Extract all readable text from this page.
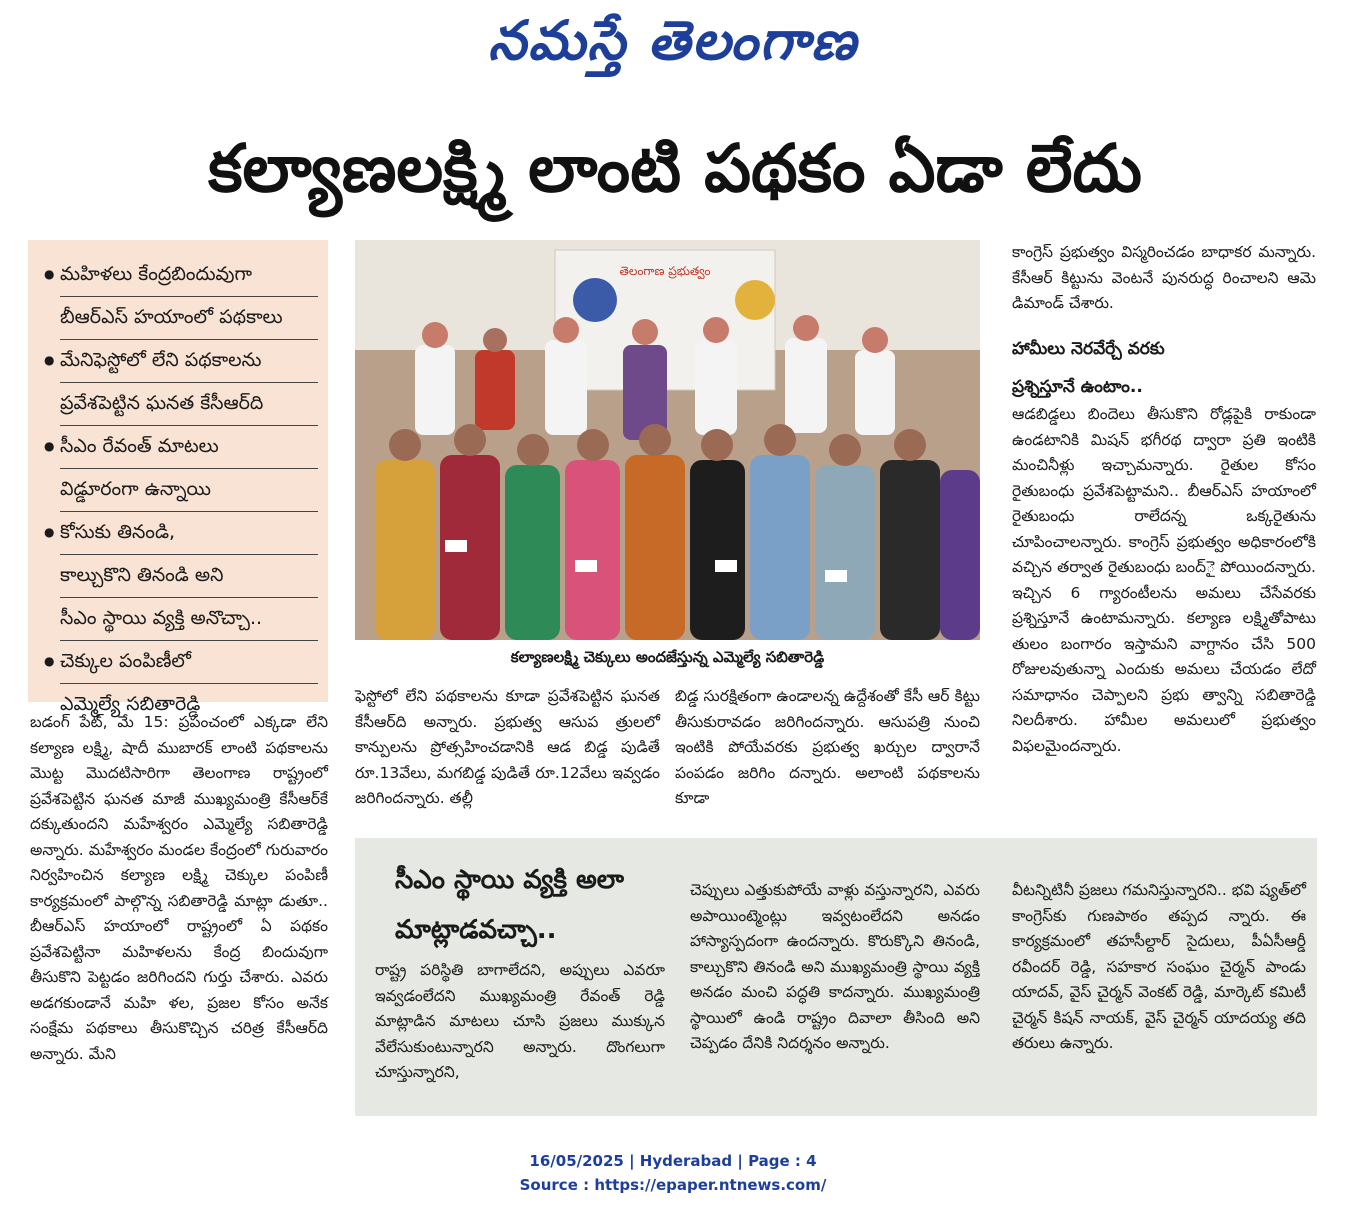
నమస్తే తెలంగాణ
కల్యాణలక్ష్మి లాంటి పథకం ఏడా లేదు
● మహిళలు కేంద్రబిందువుగా
బీఆర్ఎస్ హయాంలో పథకాలు
● మేనిఫెస్టోలో లేని పథకాలను
ప్రవేశపెట్టిన ఘనత కేసీఆర్‌ది
● సీఎం రేవంత్ మాటలు
విడ్డూరంగా ఉన్నాయి
● కోసుకు తినండి,
కాల్చుకొని తినండి అని
సీఎం స్థాయి వ్యక్తి అనొచ్చా..
● చెక్కుల పంపిణీలో
ఎమ్మెల్యే సబితారెడ్డి
తెలంగాణ ప్రభుత్వం
కల్యాణలక్ష్మి చెక్కులు అందజేస్తున్న ఎమ్మెల్యే సబితారెడ్డి
బడంగ్ పేట్, మే 15: ప్రపంచంలో ఎక్కడా లేని కల్యాణ లక్ష్మి, షాదీ ముబారక్ లాంటి పథకాలను మొట్ట మొదటిసారిగా తెలంగాణ రాష్ట్రంలో ప్రవేశపెట్టిన ఘనత మాజీ ముఖ్యమంత్రి కేసీఆర్‌కే దక్కుతుందని మహేశ్వరం ఎమ్మెల్యే సబితారెడ్డి అన్నారు. మహేశ్వరం మండల కేంద్రంలో గురువారం నిర్వహించిన కల్యాణ లక్ష్మి చెక్కుల పంపిణీ కార్యక్రమంలో పాల్గొన్న సబితారెడ్డి మాట్లా డుతూ.. బీఆర్ఎస్ హయాంలో రాష్ట్రంలో ఏ పథకం ప్రవేశపెట్టినా మహిళలను కేంద్ర బిందువుగా తీసుకొని పెట్టడం జరిగిందని గుర్తు చేశారు. ఎవరు అడగకుండానే మహి ళల, ప్రజల కోసం అనేక సంక్షేమ పథకాలు తీసుకొచ్చిన చరిత్ర కేసీఆర్‌ది అన్నారు. మేని
ఫెస్టోలో లేని పథకాలను కూడా ప్రవేశపెట్టిన ఘనత కేసీఆర్‌ది అన్నారు. ప్రభుత్వ ఆసుప త్రులలో కాన్పులను ప్రోత్సహించడానికి ఆడ బిడ్డ పుడితే రూ.13వేలు, మగబిడ్డ పుడితే రూ.12వేలు ఇవ్వడం జరిగిందన్నారు. తల్లీ
బిడ్డ సురక్షితంగా ఉండాలన్న ఉద్దేశంతో కేసీ ఆర్ కిట్టు తీసుకురావడం జరిగిందన్నారు. ఆసుపత్రి నుంచి ఇంటికి పోయేవరకు ప్రభుత్వ ఖర్చుల ద్వారానే పంపడం జరిగిం దన్నారు. అలాంటి పథకాలను కూడా
కాంగ్రెస్ ప్రభుత్వం విస్మరించడం బాధాకర మన్నారు. కేసీఆర్ కిట్టును వెంటనే పునరుద్ధ రించాలని ఆమె డిమాండ్ చేశారు.
హామీలు నెరవేర్చే వరకు ప్రశ్నిస్తూనే ఉంటాం..
ఆడబిడ్డలు బిందెలు తీసుకొని రోడ్లపైకి రాకుండా ఉండటానికి మిషన్ భగీరథ ద్వారా ప్రతి ఇంటికి మంచినీళ్లు ఇచ్చామన్నారు. రైతుల కోసం రైతుబంధు ప్రవేశపెట్టామని.. బీఆర్ఎస్ హయాంలో రైతుబంధు రాలేదన్న ఒక్కరైతును చూపించాలన్నారు. కాంగ్రెస్ ప్రభుత్వం అధికారంలోకి వచ్చిన తర్వాత రైతుబంధు బంద్‌ై పోయిందన్నారు. ఇచ్చిన 6 గ్యారంటీలను అమలు చేసేవరకు ప్రశ్నిస్తూనే ఉంటామన్నారు. కల్యాణ లక్ష్మితోపాటు తులం బంగారం ఇస్తామని వాగ్దానం చేసి 500 రోజులవుతున్నా ఎందుకు అమలు చేయడం లేదో సమాధానం చెప్పాలని ప్రభు త్వాన్ని సబితారెడ్డి నిలదీశారు. హామీల అమలులో ప్రభుత్వం విఫలమైందన్నారు.
సీఎం స్థాయి వ్యక్తి అలా మాట్లాడవచ్చా..
రాష్ట్ర పరిస్థితి బాగాలేదని, అప్పులు ఎవరూ ఇవ్వడంలేదని ముఖ్యమంత్రి రేవంత్ రెడ్డి మాట్లాడిన మాటలు చూసి ప్రజలు ముక్కున వేలేసుకుంటున్నారని అన్నారు. దొంగలుగా చూస్తున్నారని,
చెప్పులు ఎత్తుకుపోయే వాళ్లు వస్తున్నారని, ఎవరు అపాయింట్మెంట్లు ఇవ్వటంలేదని అనడం హాస్యాస్పదంగా ఉందన్నారు. కొరుక్కొని తినండి, కాల్చుకొని తినండి అని ముఖ్యమంత్రి స్థాయి వ్యక్తి అనడం మంచి పద్ధతి కాదన్నారు. ముఖ్యమంత్రి స్థాయిలో ఉండి రాష్ట్రం దివాలా తీసింది అని చెప్పడం దేనికి నిదర్శనం అన్నారు.
వీటన్నిటినీ ప్రజలు గమనిస్తున్నారని.. భవి ష్యత్‌లో కాంగ్రెస్‌కు గుణపాఠం తప్పద న్నారు. ఈ కార్యక్రమంలో తహసీల్దార్ సైదులు, పీఏసీఆర్డీ రవీందర్ రెడ్డి, సహకార సంఘం చైర్మన్ పాండు యాదవ్, వైస్ చైర్మన్ వెంకట్ రెడ్డి, మార్కెట్ కమిటీ చైర్మన్ కిషన్ నాయక్, వైస్ చైర్మన్ యాదయ్య తది తరులు ఉన్నారు.
16/05/2025 | Hyderabad | Page : 4
Source : https://epaper.ntnews.com/
